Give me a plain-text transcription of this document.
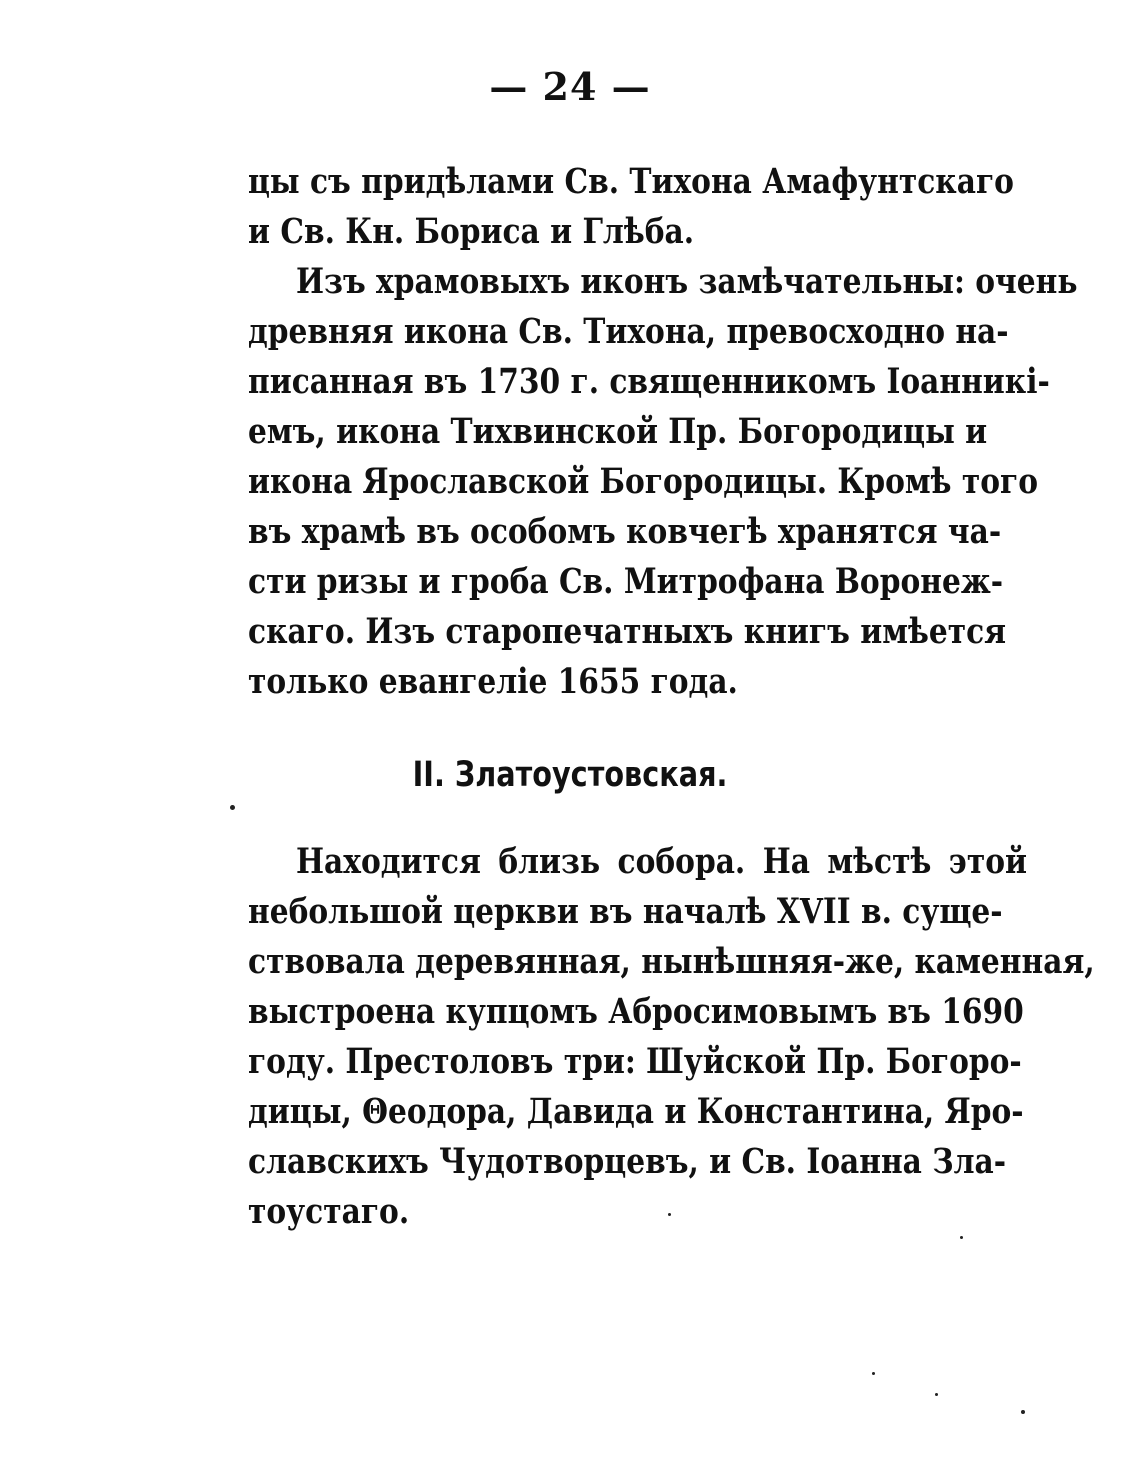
— 24 —
цы съ придѣлами Св. Тихона Амафунтскаго
и Св. Кн. Бориса и Глѣба.
Изъ храмовыхъ иконъ замѣчательны: очень
древняя икона Св. Тихона, превосходно на-
писанная въ 1730 г. священникомъ Іоанникі-
емъ, икона Тихвинской Пр. Богородицы и
икона Ярославской Богородицы. Кромѣ того
въ храмѣ въ особомъ ковчегѣ хранятся ча-
сти ризы и гроба Св. Митрофана Воронеж-
скаго. Изъ старопечатныхъ книгъ имѣется
только евангеліе 1655 года.
II. Златоустовская.
Находится близь собора. На мѣстѣ этой
небольшой церкви въ началѣ XVII в. суще-
ствовала деревянная, нынѣшняя-же, каменная,
выстроена купцомъ Абросимовымъ въ 1690
году. Престоловъ три: Шуйской Пр. Богоро-
дицы, Θеодора, Давида и Константина, Яро-
славскихъ Чудотворцевъ, и Св. Іоанна Зла-
тоустаго.
